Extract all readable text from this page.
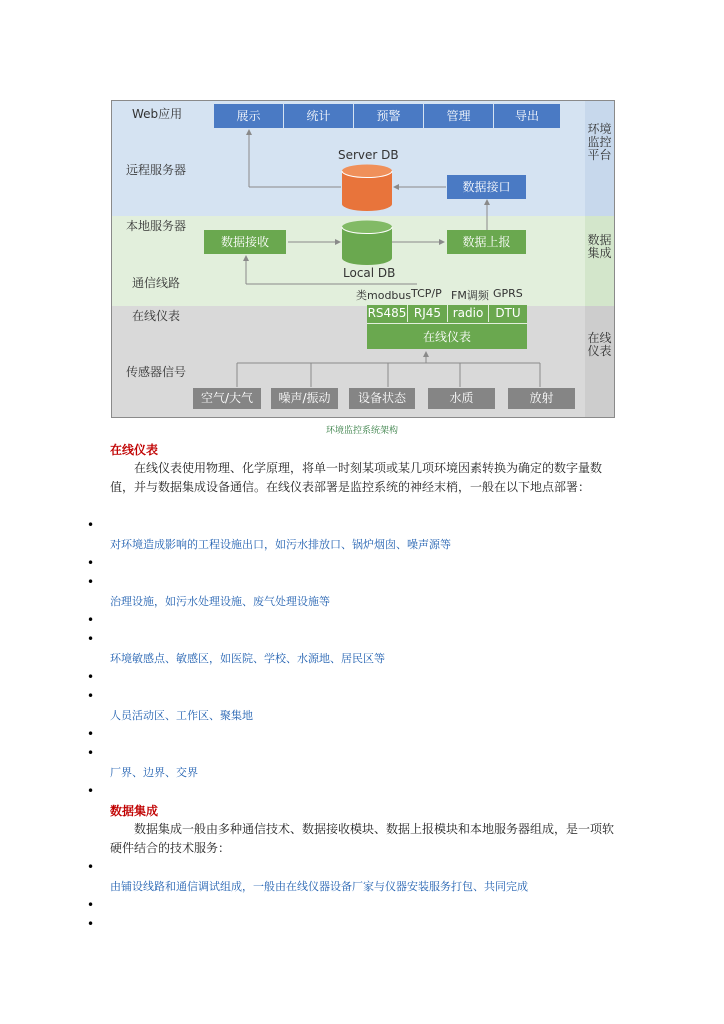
环境监控平台
数据集成
在线仪表
Web应用
远程服务器
本地服务器
通信线路
在线仪表
传感器信号
展示	统计	预警	管理	导出
Server DB
数据接口
数据接收	数据上报
Local DB
类modbus TCP/P FM调频 GPRS
RS485 RJ45 radio	DTU
在线仪表
空气/大气	噪声/振动	设备状态	水质	放射
环境监控系统架构
在线仪表
在线仪表使用物理、化学原理，将单一时刻某项或某几项环境因素转换为确定的数字量数值，并与数据集成设备通信。在线仪表部署是监控系统的神经末梢，一般在以下地点部署：
•
对环境造成影响的工程设施出口，如污水排放口、锅炉烟囱、噪声源等
•
•
治理设施，如污水处理设施、废气处理设施等
•
•
环境敏感点、敏感区，如医院、学校、水源地、居民区等
•
•
人员活动区、工作区、聚集地
•
•
厂界、边界、交界
•
数据集成
数据集成一般由多种通信技术、数据接收模块、数据上报模块和本地服务器组成，是一项软硬件结合的技术服务：
•
由铺设线路和通信调试组成，一般由在线仪器设备厂家与仪器安装服务打包、共同完成
•
•
